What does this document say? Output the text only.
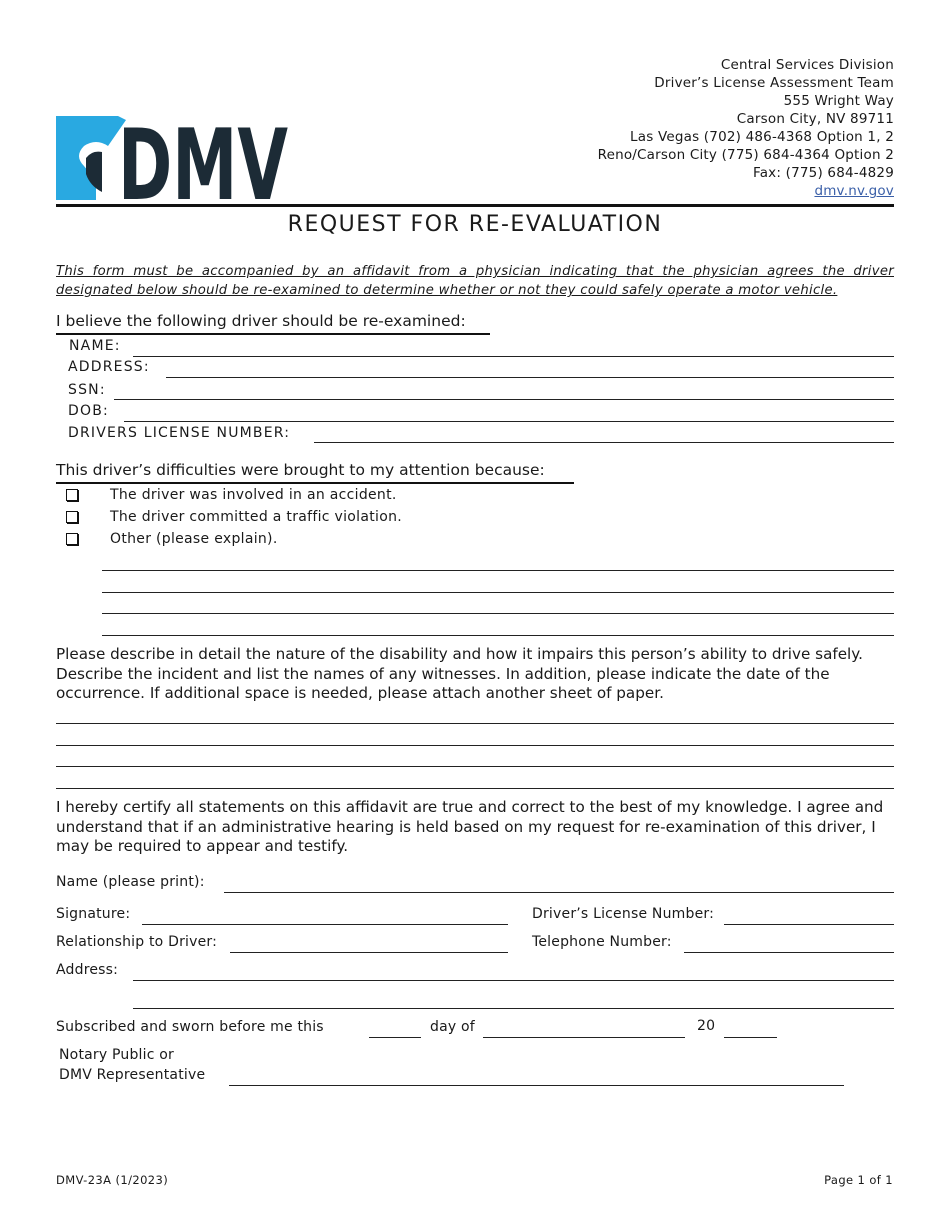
DMV
Central Services Division
Driver’s License Assessment Team
555 Wright Way
Carson City, NV 89711
Las Vegas (702) 486-4368 Option 1, 2
Reno/Carson City (775) 684-4364 Option 2
Fax: (775) 684-4829
dmv.nv.gov
REQUEST FOR RE-EVALUATION
This form must be accompanied by an affidavit from a physician indicating that the physician agrees the driver designated below should be re-examined to determine whether or not they could safely operate a motor vehicle.
I believe the following driver should be re-examined:
NAME:
ADDRESS:
SSN:
DOB:
DRIVERS LICENSE NUMBER:
This driver’s difficulties were brought to my attention because:
The driver was involved in an accident.
The driver committed a traffic violation.
Other (please explain).
Please describe in detail the nature of the disability and how it impairs this person’s ability to drive safely. Describe the incident and list the names of any witnesses. In addition, please indicate the date of the occurrence. If additional space is needed, please attach another sheet of paper.
I hereby certify all statements on this affidavit are true and correct to the best of my knowledge. I agree and understand that if an administrative hearing is held based on my request for re-examination of this driver, I may be required to appear and testify.
Name (please print):
Signature:	Driver’s License Number:
Relationship to Driver:	Telephone Number:
Address:
Subscribed and sworn before me this	day of	20
Notary Public or
DMV Representative
DMV-23A (1/2023)	Page 1 of 1
